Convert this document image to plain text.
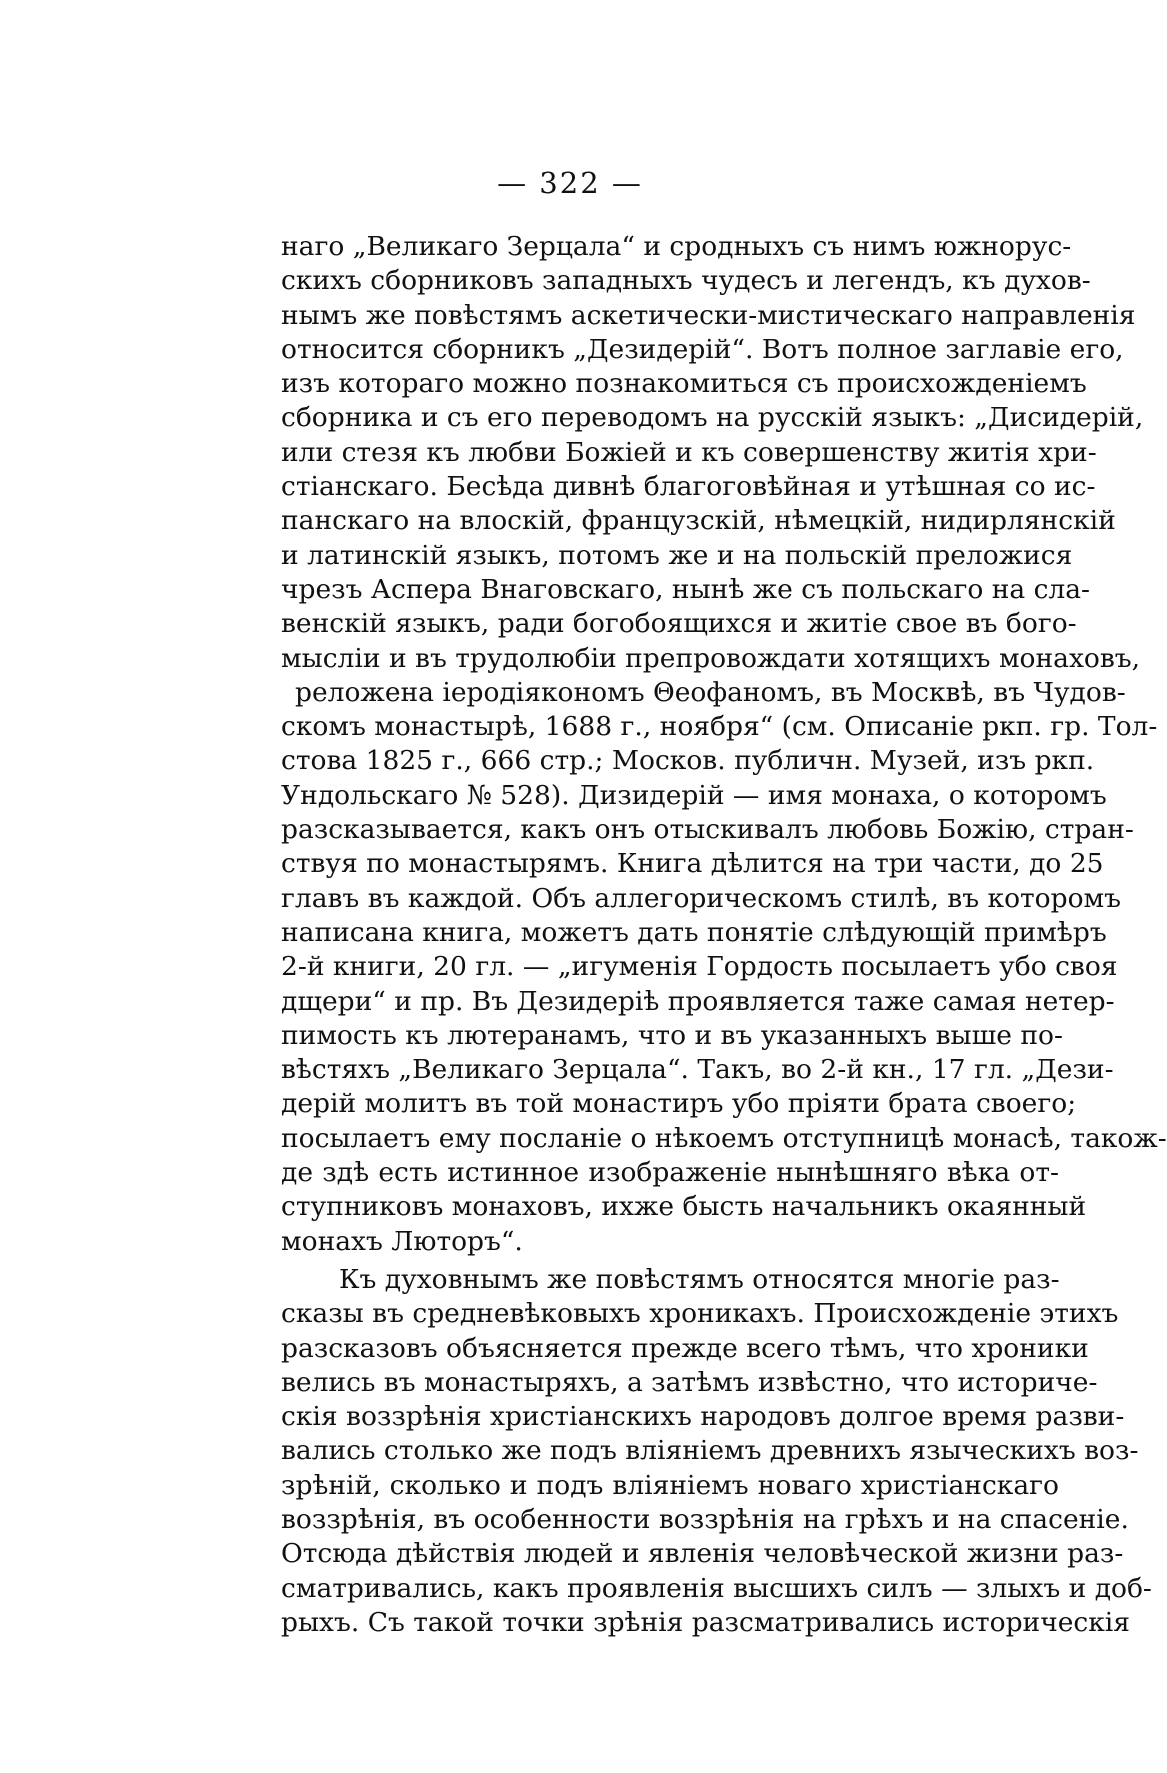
— 322 —
наго „Великаго Зерцала“ и сродныхъ съ нимъ южнорус-
скихъ сборниковъ западныхъ чудесъ и легендъ, къ духов-
нымъ же повѣстямъ аскетически-мистическаго направленія
относится сборникъ „Дезидерій“. Вотъ полное заглавіе его,
изъ котораго можно познакомиться съ происхожденіемъ
сборника и съ его переводомъ на русскій языкъ: „Дисидерій,
или стезя къ любви Божіей и къ совершенству житія хри-
стіанскаго. Бесѣда дивнѣ благоговѣйная и утѣшная со ис-
панскаго на влоскій, французскій, нѣмецкій, нидирлянскій
и латинскій языкъ, потомъ же и на польскій преложися
чрезъ Аспера Внаговскаго, нынѣ же съ польскаго на сла-
венскій языкъ, ради богобоящихся и житіе свое въ бого-
мысліи и въ трудолюбіи препровождати хотящихъ монаховъ,
реложена іеродіякономъ Θеофаномъ, въ Москвѣ, въ Чудов-
скомъ монастырѣ, 1688 г., ноября“ (см. Описаніе ркп. гр. Тол-
стова 1825 г., 666 стр.; Москов. публичн. Музей, изъ ркп.
Ундольскаго № 528). Дизидерій — имя монаха, о которомъ
разсказывается, какъ онъ отыскивалъ любовь Божію, стран-
ствуя по монастырямъ. Книга дѣлится на три части, до 25
главъ въ каждой. Объ аллегорическомъ стилѣ, въ которомъ
написана книга, можетъ дать понятіе слѣдующій примѣръ
2-й книги, 20 гл. — „игуменія Гордость посылаетъ убо своя
дщери“ и пр. Въ Дезидеріѣ проявляется таже самая нетер-
пимость къ лютеранамъ, что и въ указанныхъ выше по-
вѣстяхъ „Великаго Зерцала“. Такъ, во 2-й кн., 17 гл. „Дези-
дерій молитъ въ той монастиръ убо пріяти брата своего;
посылаетъ ему посланіе о нѣкоемъ отступницѣ монасѣ, також-
де здѣ есть истинное изображеніе нынѣшняго вѣка от-
ступниковъ монаховъ, ихже бысть начальникъ окаянный
монахъ Люторъ“.
Къ духовнымъ же повѣстямъ относятся многіе раз-
сказы въ средневѣковыхъ хроникахъ. Происхожденіе этихъ
разсказовъ объясняется прежде всего тѣмъ, что хроники
велись въ монастыряхъ, а затѣмъ извѣстно, что историче-
скія воззрѣнія христіанскихъ народовъ долгое время разви-
вались столько же подъ вліяніемъ древнихъ языческихъ воз-
зрѣній, сколько и подъ вліяніемъ новаго христіанскаго
воззрѣнія, въ особенности воззрѣнія на грѣхъ и на спасеніе.
Отсюда дѣйствія людей и явленія человѣческой жизни раз-
сматривались, какъ проявленія высшихъ силъ — злыхъ и доб-
рыхъ. Съ такой точки зрѣнія разсматривались историческія
